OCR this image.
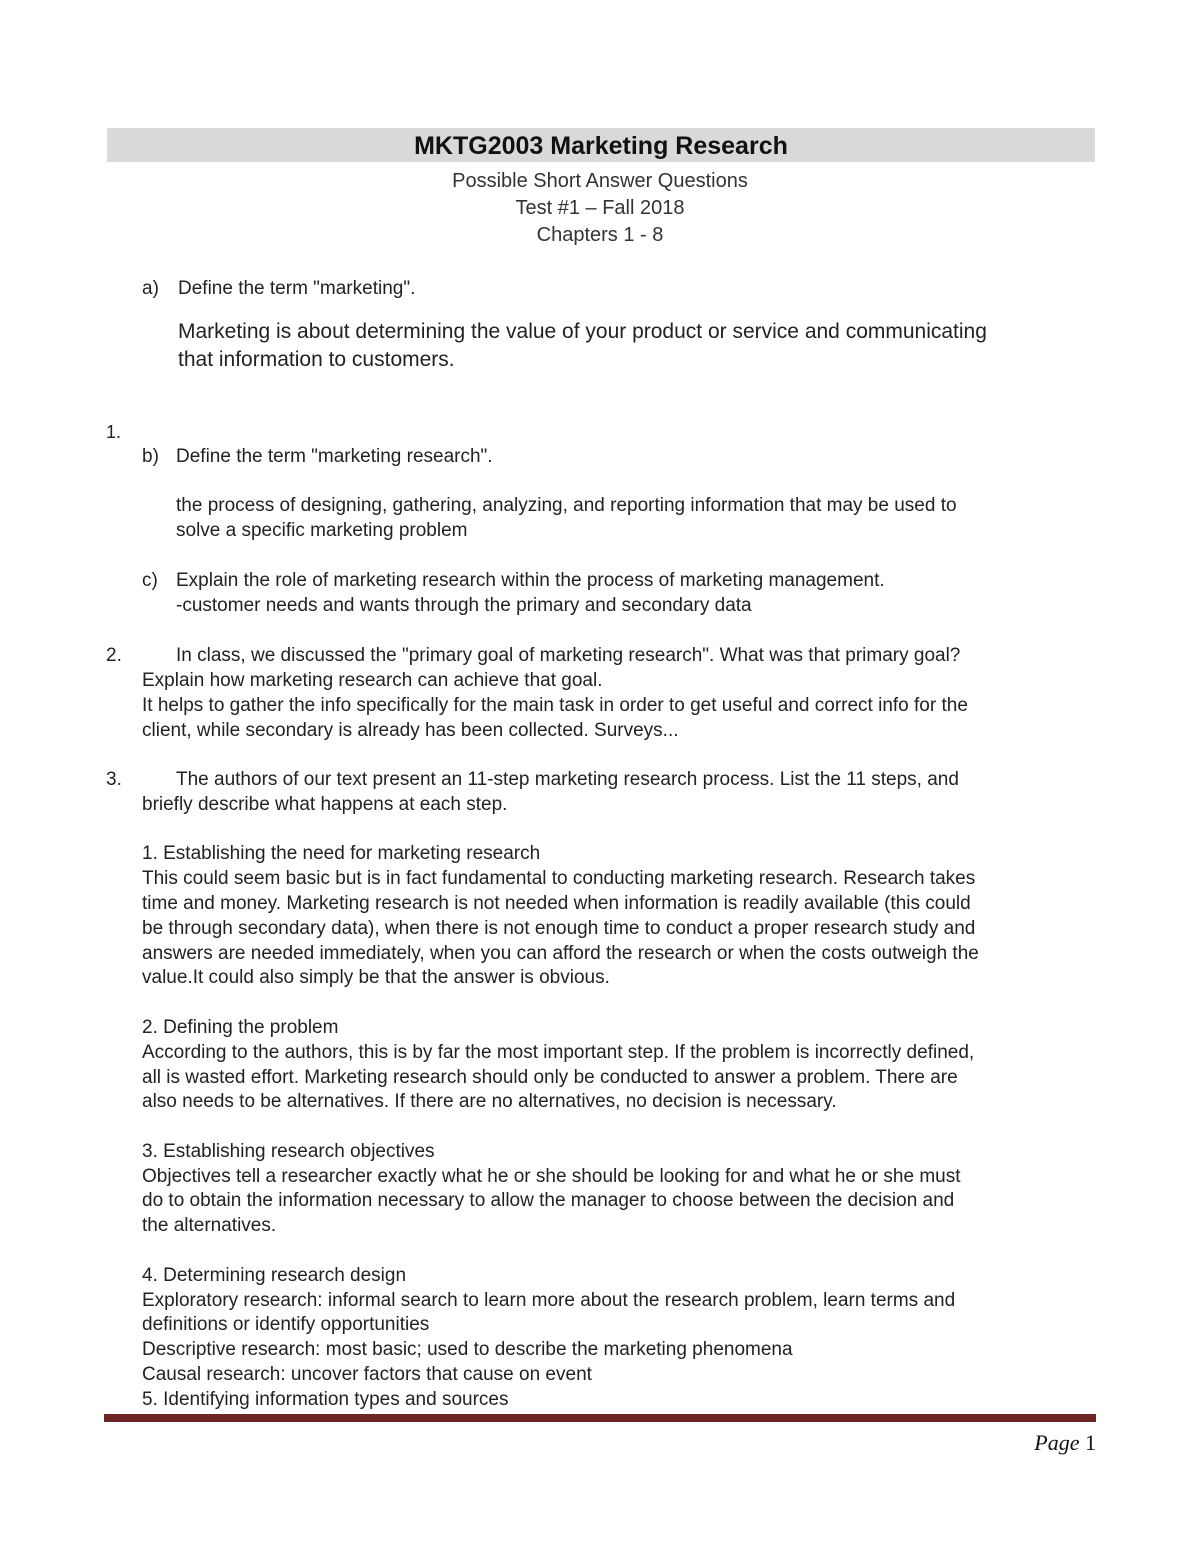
MKTG2003 Marketing Research
Possible Short Answer Questions
Test #1 – Fall 2018
Chapters 1 - 8
a) Define the term "marketing".
Marketing is about determining the value of your product or service and communicating
that information to customers.
1.
b) Define the term "marketing research".
the process of designing, gathering, analyzing, and reporting information that may be used to
solve a specific marketing problem
c) Explain the role of marketing research within the process of marketing management.
-customer needs and wants through the primary and secondary data
2.	In class, we discussed the "primary goal of marketing research". What was that primary goal?
Explain how marketing research can achieve that goal.
It helps to gather the info specifically for the main task in order to get useful and correct info for the
client, while secondary is already has been collected. Surveys...
3.	The authors of our text present an 11-step marketing research process. List the 11 steps, and
briefly describe what happens at each step.
1. Establishing the need for marketing research
This could seem basic but is in fact fundamental to conducting marketing research. Research takes
time and money. Marketing research is not needed when information is readily available (this could
be through secondary data), when there is not enough time to conduct a proper research study and
answers are needed immediately, when you can afford the research or when the costs outweigh the
value.It could also simply be that the answer is obvious.
2. Defining the problem
According to the authors, this is by far the most important step. If the problem is incorrectly defined,
all is wasted effort. Marketing research should only be conducted to answer a problem. There are
also needs to be alternatives. If there are no alternatives, no decision is necessary.
3. Establishing research objectives
Objectives tell a researcher exactly what he or she should be looking for and what he or she must
do to obtain the information necessary to allow the manager to choose between the decision and
the alternatives.
4. Determining research design
Exploratory research: informal search to learn more about the research problem, learn terms and
definitions or identify opportunities
Descriptive research: most basic; used to describe the marketing phenomena
Causal research: uncover factors that cause on event
5. Identifying information types and sources
Page 1
